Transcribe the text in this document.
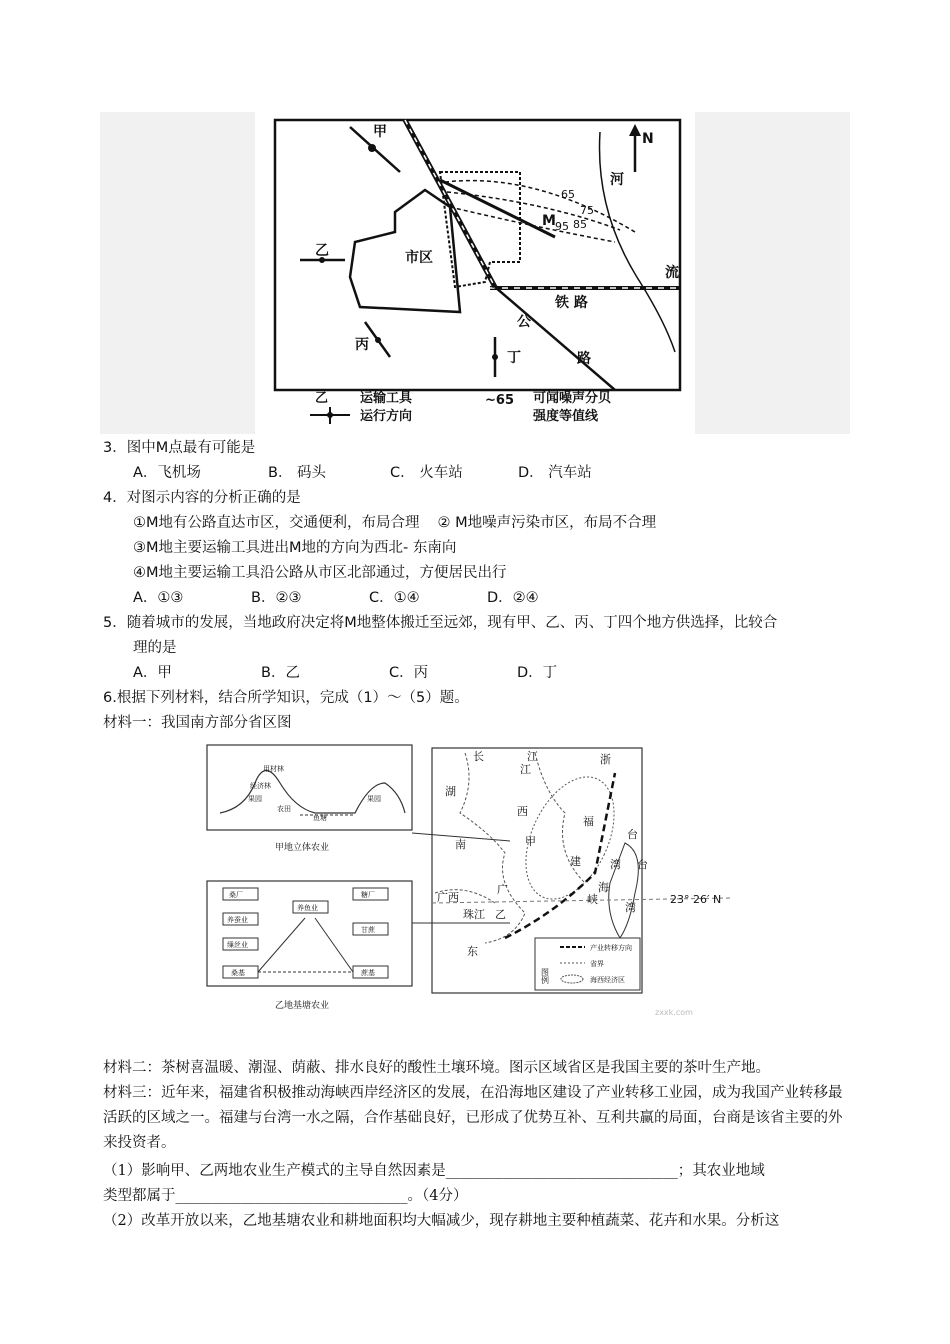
甲
乙
丙
丁
N
河
流
市区
M
铁 路
公
路
65
75
85
95
乙 运输工具
运行方向
~65 可闻噪声分贝
强度等值线
3．图中M点最有可能是
A．飞机场	B． 码头	C． 火车站	D． 汽车站
4．对图示内容的分析正确的是
①M地有公路直达市区，交通便利，布局合理 ② M地噪声污染市区，布局不合理
③M地主要运输工具进出M地的方向为西北- 东南向
④M地主要运输工具沿公路从市区北部通过，方便居民出行
A．①③	B．②③	C．①④	D．②④
5．随着城市的发展，当地政府决定将M地整体搬迁至远郊，现有甲、乙、丙、丁四个地方供选择，比较合
理的是
A．甲	B．乙	C．丙	D．丁
6.根据下列材料，结合所学知识，完成（1）～（5）题。
材料一：我国南方部分省区图
用材林
经济林
果园
农田
鱼塘
果园
甲地立体农业
桑厂
养蚕业
缫丝业
桑基
养鱼业
糖厂
甘蔗
蔗基
乙地基塘农业
长	江	浙
湖
西
福
南	甲
建
台
湾
海
峡
台
湾
广西
广
珠江 乙
东
江
23° 26′ N
图例
产业转移方向
省界
海西经济区
zxxk.com
材料二：茶树喜温暖、潮湿、荫蔽、排水良好的酸性土壤环境。图示区域省区是我国主要的茶叶生产地。
材料三：近年来，福建省积极推动海峡西岸经济区的发展，在沿海地区建设了产业转移工业园，成为我国产业转移最活跃的区域之一。福建与台湾一水之隔，合作基础良好，已形成了优势互补、互利共赢的局面，台商是该省主要的外来投资者。
（1）影响甲、乙两地农业生产模式的主导自然因素是________________________________；其农业地域
类型都属于________________________________。（4分）
（2）改革开放以来，乙地基塘农业和耕地面积均大幅减少，现存耕地主要种植蔬菜、花卉和水果。分析这
